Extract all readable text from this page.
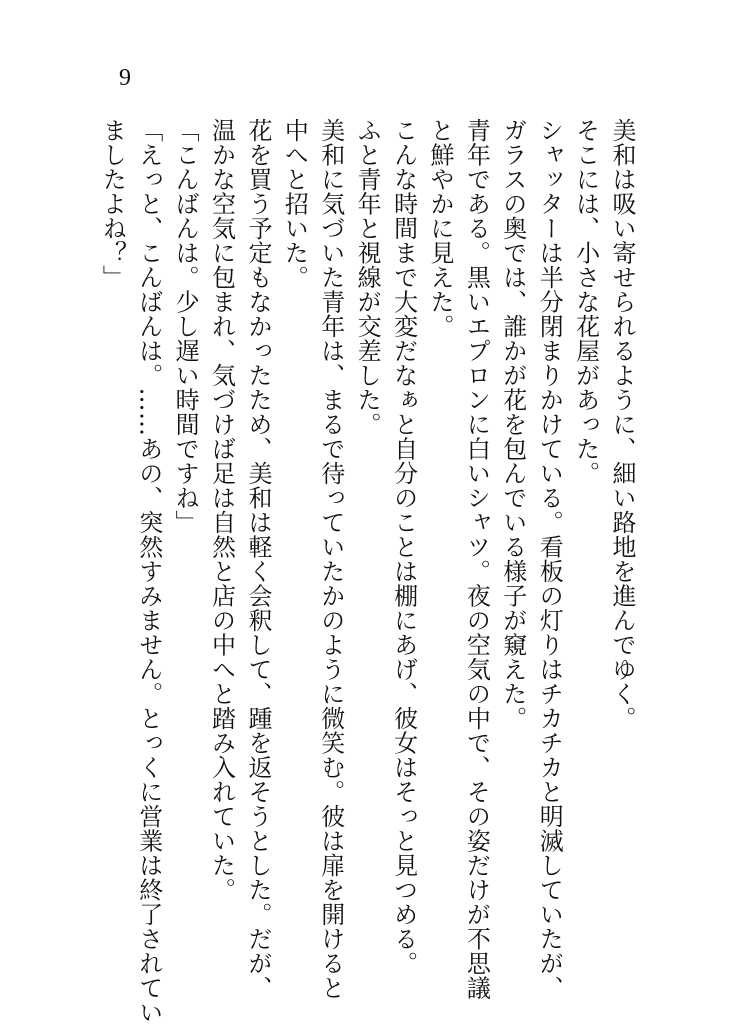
9
美和は吸い寄せられるように、細い路地を進んでゆく。
そこには、小さな花屋があった。
シャッターは半分閉まりかけている。看板の灯りはチカチカと明滅していたが、
ガラスの奥では、誰かが花を包んでいる様子が窺えた。
青年である。黒いエプロンに白いシャツ。夜の空気の中で、その姿だけが不思議
と鮮やかに見えた。
こんな時間まで大変だなぁと自分のことは棚にあげ、彼女はそっと見つめる。
ふと青年と視線が交差した。
美和に気づいた青年は、まるで待っていたかのように微笑む。彼は扉を開けると
中へと招いた。
花を買う予定もなかったため、美和は軽く会釈して、踵を返そうとした。だが、
温かな空気に包まれ、気づけば足は自然と店の中へと踏み入れていた。
「こんばんは。少し遅い時間ですね」
「えっと、こんばんは。……あの、突然すみません。とっくに営業は終了されてい
ましたよね？」
